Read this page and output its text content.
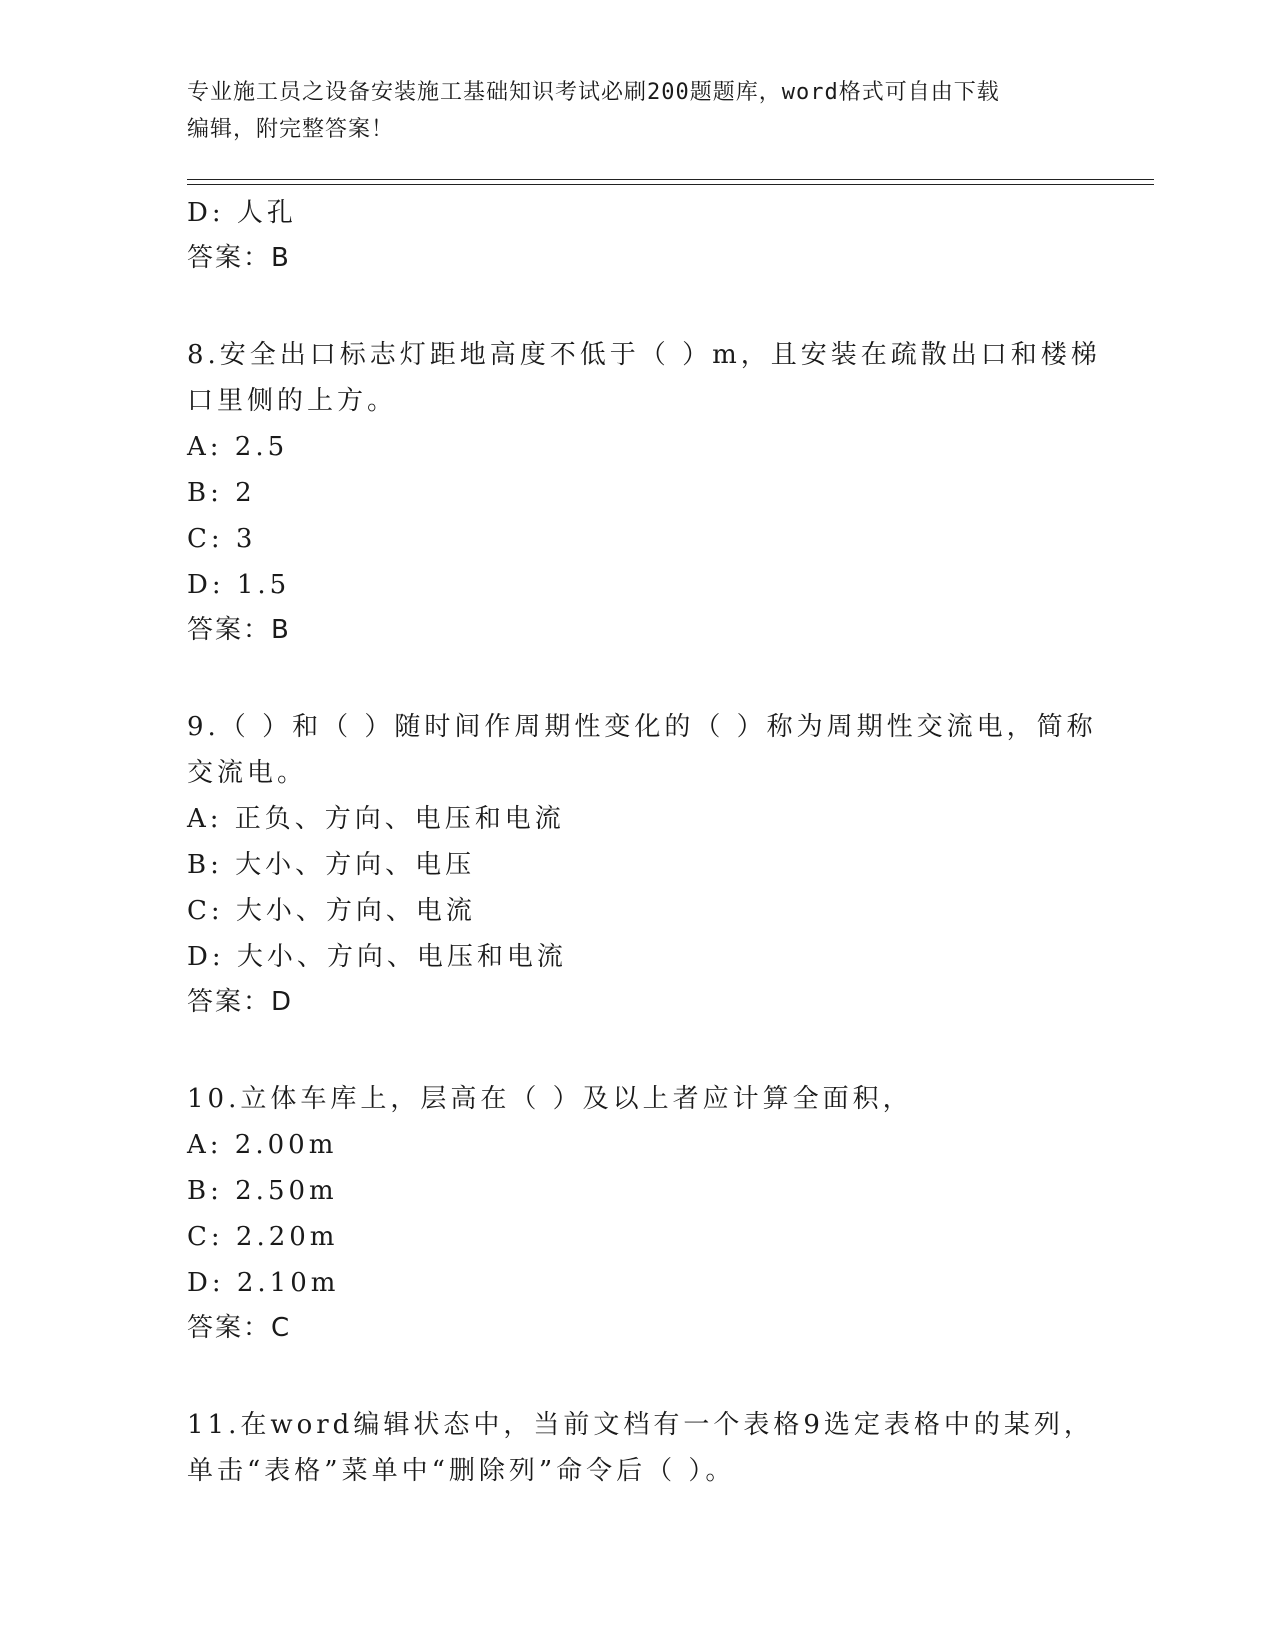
专业施工员之设备安装施工基础知识考试必刷200题题库，word格式可自由下载
编辑，附完整答案！
D: 人孔
答案：B
8.安全出口标志灯距地高度不低于（ ）m，且安装在疏散出口和楼梯
口里侧的上方。
A: 2.5
B: 2
C: 3
D: 1.5
答案：B
9.（ ）和（ ）随时间作周期性变化的（ ）称为周期性交流电，简称
交流电。
A: 正负、方向、电压和电流
B: 大小、方向、电压
C: 大小、方向、电流
D: 大小、方向、电压和电流
答案：D
10.立体车库上，层高在（ ）及以上者应计算全面积，
A: 2.00m
B: 2.50m
C: 2.20m
D: 2.10m
答案：C
11.在word编辑状态中，当前文档有一个表格9选定表格中的某列，
单击“表格”菜单中“删除列”命令后（ ）。
